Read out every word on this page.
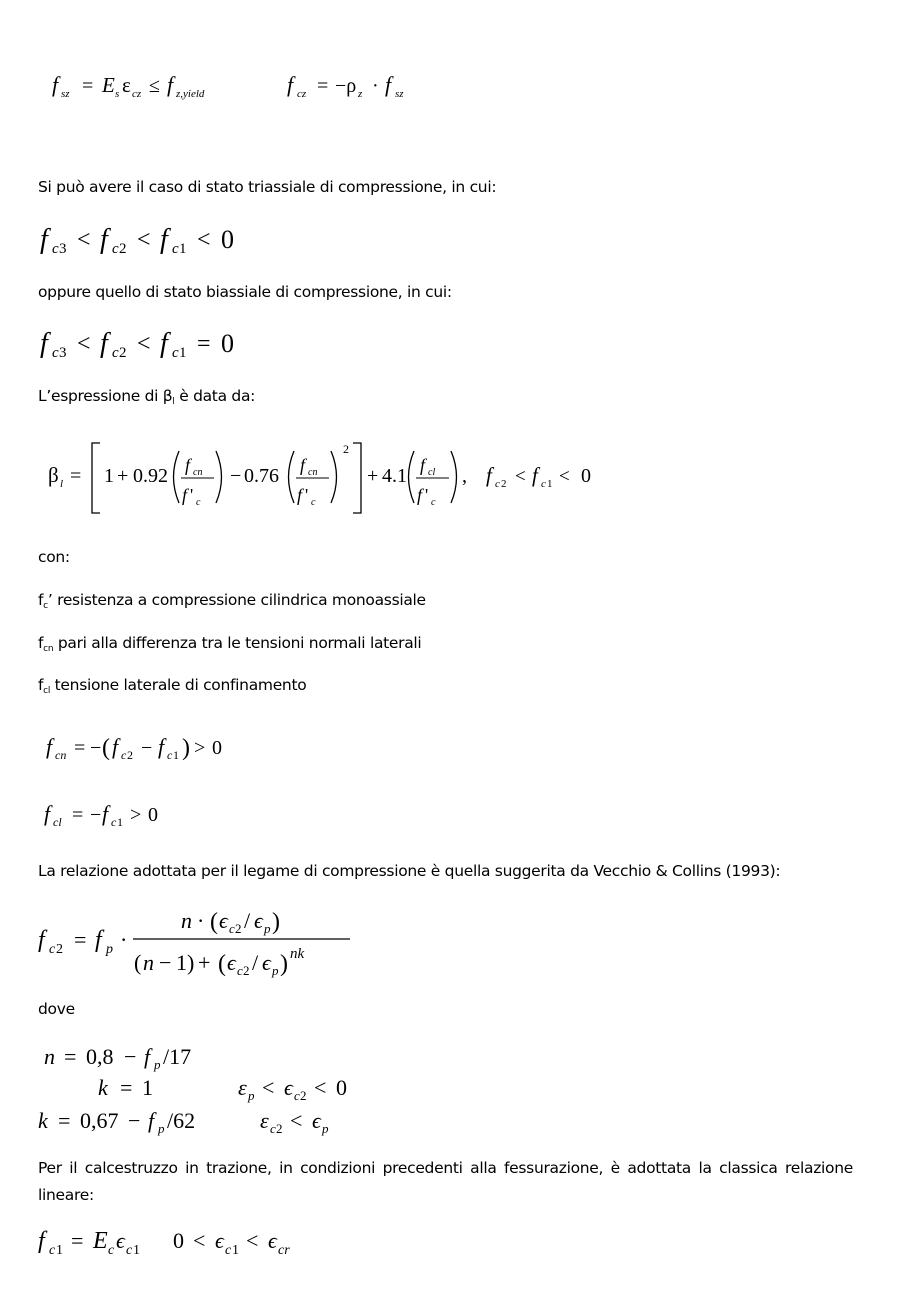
f sz = E s ε cz ≤ f z,yield	f cz = −ρ z · f sz
Si può avere il caso di stato triassiale di compressione, in cui:
f c 3 < f c 2 < f c 1 < 0
oppure quello di stato biassiale di compressione, in cui:
f c 3 < f c 2 < f c 1 = 0
L’espressione di βl è data da:
β l = 1 + 0.92 f cn
f ' c
− 0.76 f cn
f ' c
2
+ 4.1 f cl
f ' c
, f c 2 < f c 1 < 0
con:
fc’ resistenza a compressione cilindrica monoassiale
fcn pari alla differenza tra le tensioni normali laterali
fcl tensione laterale di confinamento
f cn = − ( f c 2 − f c 1 ) > 0
f cl = − f c 1 > 0
La relazione adottata per il legame di compressione è quella suggerita da Vecchio & Collins (1993):
f c 2 = f p ·
n · ( ϵ c 2 / ϵ p )
( n − 1) + ( ϵ c 2 / ϵ p ) nk
dove
n = 0,8 − f p /17
k = 1	ε p < ϵ c 2 < 0
k = 0,67 − f p /62	ε c 2 < ϵ p
Per il calcestruzzo in trazione, in condizioni precedenti alla fessurazione, è adottata la classica relazione lineare:
f c 1 = E c ϵ c 1 0 < ϵ c 1 < ϵ cr
